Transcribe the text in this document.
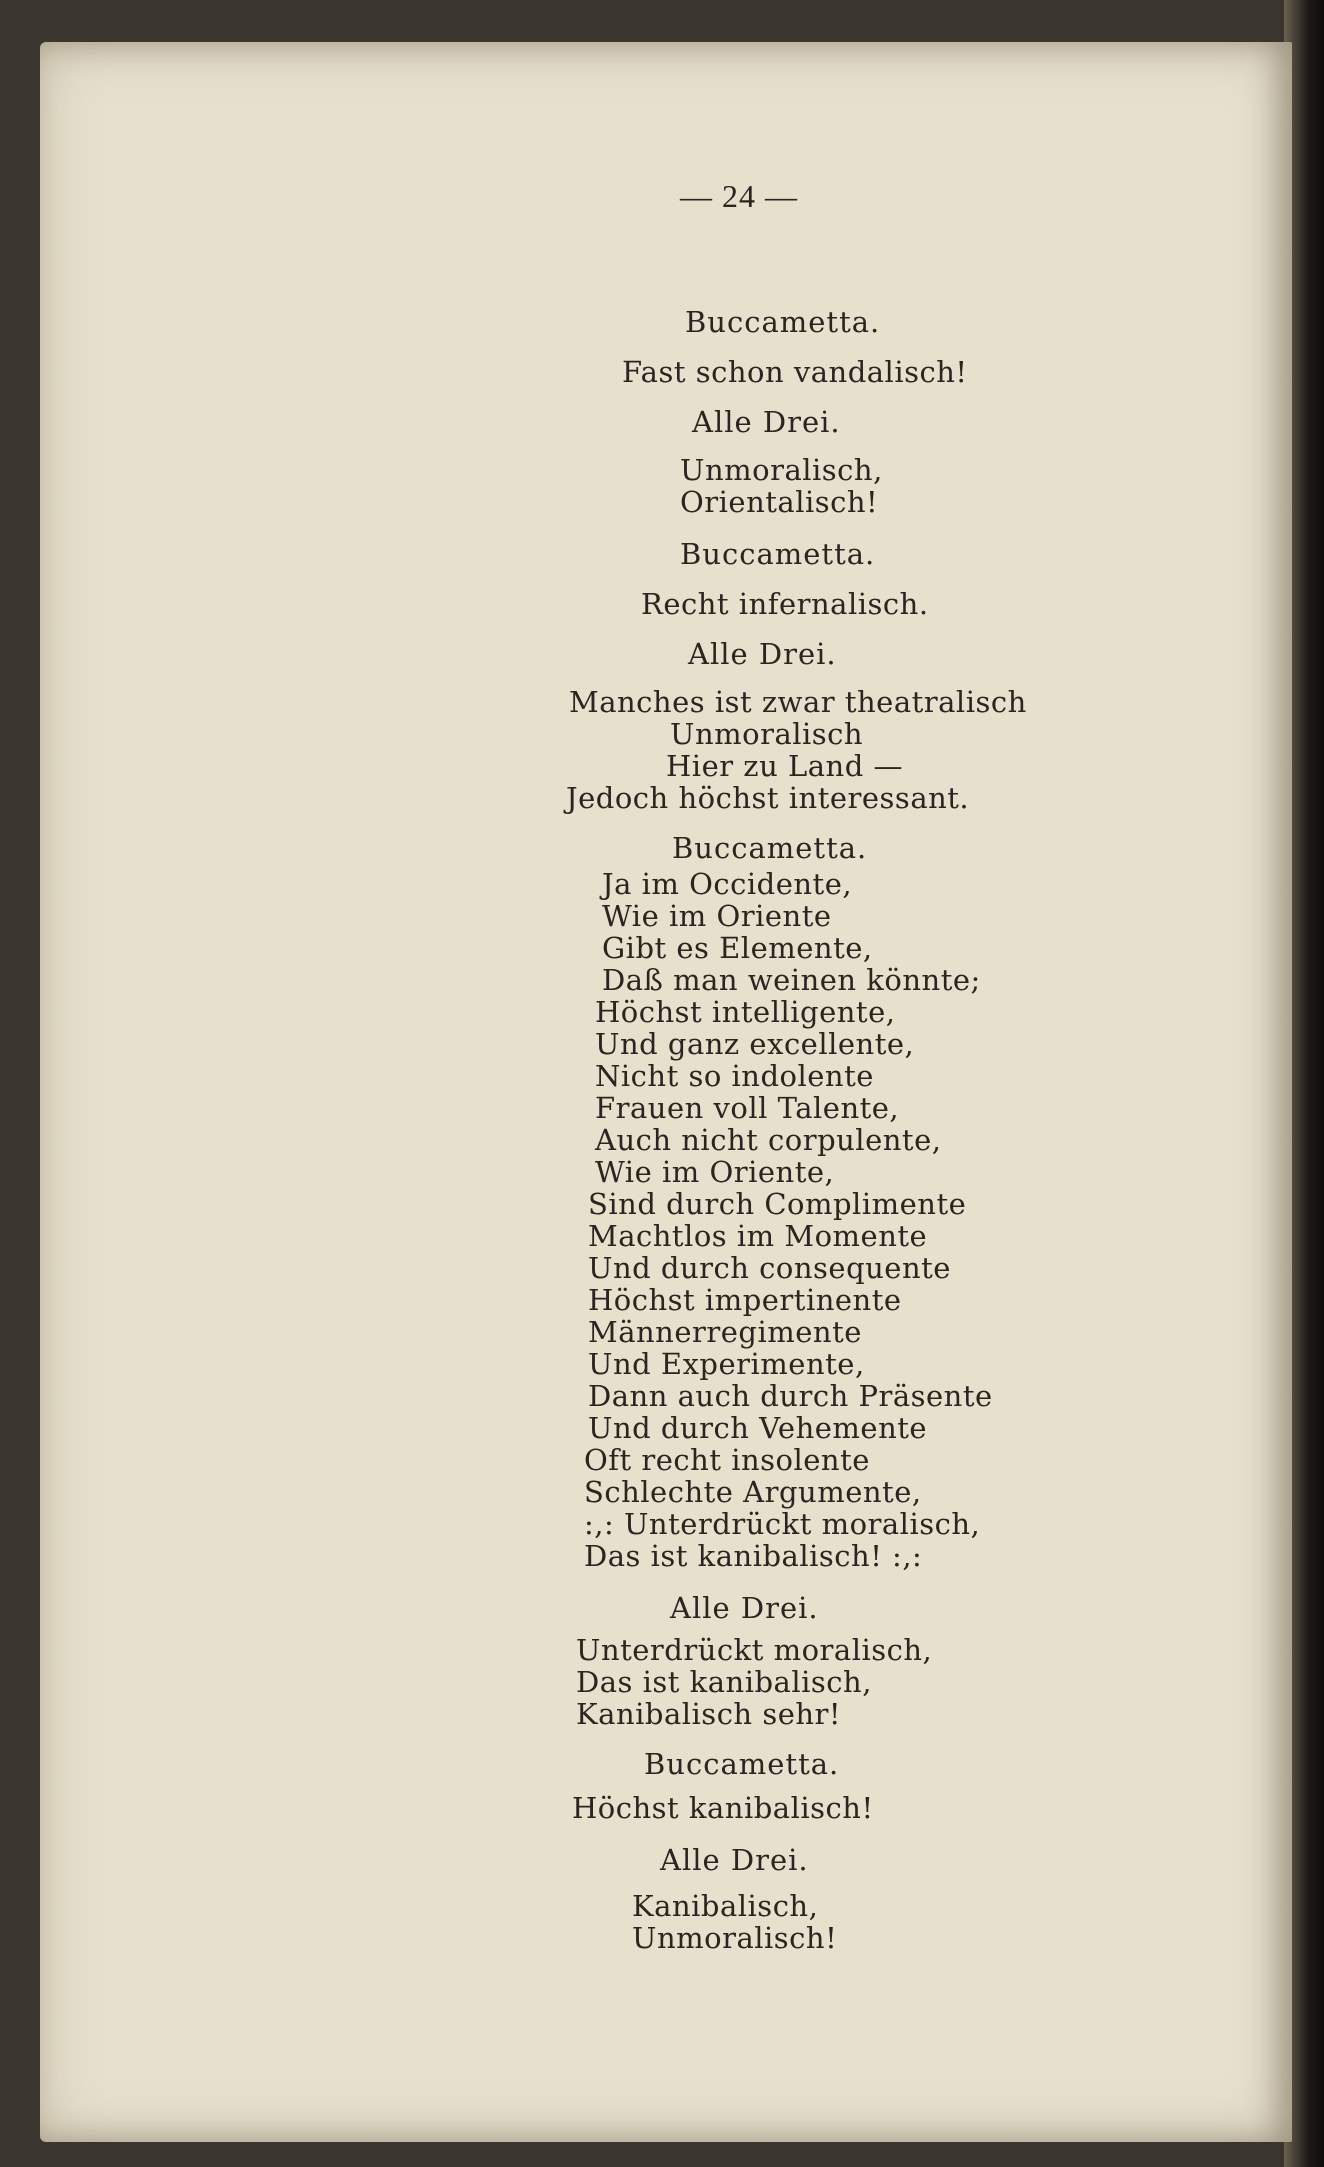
— 24 —

Buccametta.

Fast schon vandalisch!

Alle Drei.

Unmoralisch,

Orientalisch!

Buccametta.

Recht infernalisch.

Alle Drei.

Manches ist zwar theatralisch

Unmoralisch

Hier zu Land —

Jedoch höchst interessant.

Buccametta.

Ja im Occidente,

Wie im Oriente

Gibt es Elemente,

Daß man weinen könnte;

Höchst intelligente,

Und ganz excellente,

Nicht so indolente

Frauen voll Talente,

Auch nicht corpulente,

Wie im Oriente,

Sind durch Complimente

Machtlos im Momente

Und durch consequente

Höchst impertinente

Männerregimente

Und Experimente,

Dann auch durch Präsente

Und durch Vehemente

Oft recht insolente

Schlechte Argumente,

:,: Unterdrückt moralisch,

Das ist kanibalisch! :,:

Alle Drei.

Unterdrückt moralisch,

Das ist kanibalisch,

Kanibalisch sehr!

Buccametta.

Höchst kanibalisch!

Alle Drei.

Kanibalisch,

Unmoralisch!
